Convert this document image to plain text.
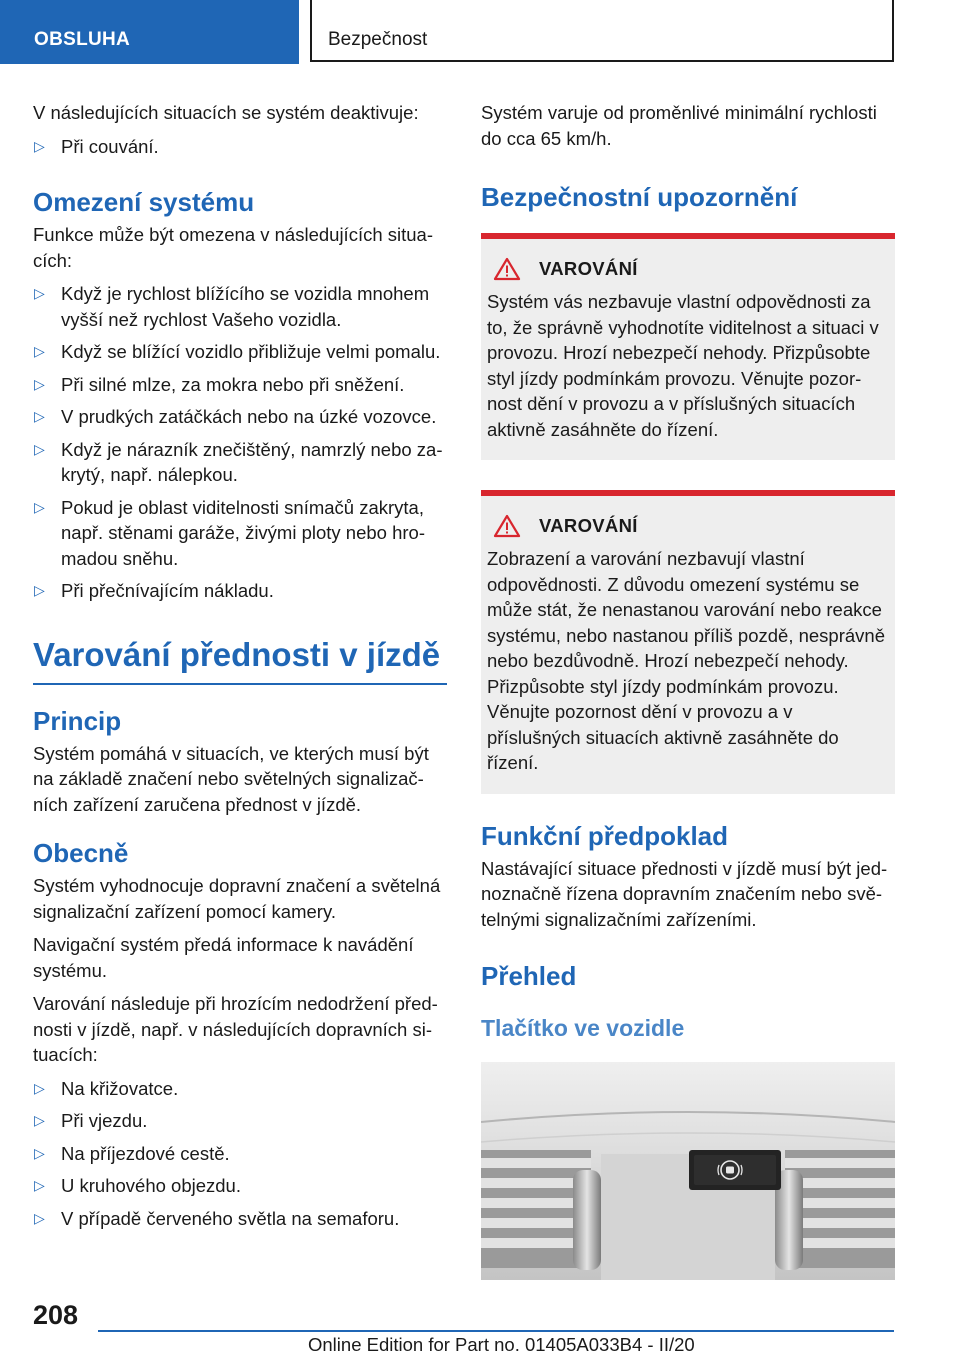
OBSLUHA	Bezpečnost

V následujících situacích se systém deaktivuje:

▷ Při couvání.
Omezení systému

Funkce může být omezena v následujících situacích:

▷ Když je rychlost blížícího se vozidla mnohem vyšší než rychlost Vašeho vozidla.
▷ Když se blížící vozidlo přibližuje velmi pomalu.
▷ Při silné mlze, za mokra nebo při sněžení.
▷ V prudkých zatáčkách nebo na úzké vozovce.
▷ Když je nárazník znečištěný, namrzlý nebo zakrytý, např. nálepkou.
▷ Pokud je oblast viditelnosti snímačů zakryta, např. stěnami garáže, živými ploty nebo hromadou sněhu.
▷ Při přečnívajícím nákladu.
Varování přednosti v jízdě
Princip

Systém pomáhá v situacích, ve kterých musí být na základě značení nebo světelných signalizačních zařízení zaručena přednost v jízdě.

Obecně

Systém vyhodnocuje dopravní značení a světelná signalizační zařízení pomocí kamery.

Navigační systém předá informace k navádění systému.

Varování následuje při hrozícím nedodržení přednosti v jízdě, např. v následujících dopravních situacích:

▷ Na křižovatce.
▷ Při vjezdu.
▷ Na příjezdové cestě.
▷ U kruhového objezdu.
▷ V případě červeného světla na semaforu.

Systém varuje od proměnlivé minimální rychlosti do cca 65 km/h.

Bezpečnostní upozornění
VAROVÁNÍ

Systém vás nezbavuje vlastní odpovědnosti za to, že správně vyhodnotíte viditelnost a situaci v provozu. Hrozí nebezpečí nehody. Přizpůsobte styl jízdy podmínkám provozu. Věnujte pozornost dění v provozu a v příslušných situacích aktivně zasáhněte do řízení.

VAROVÁNÍ

Zobrazení a varování nezbavují vlastní odpovědnosti. Z důvodu omezení systému se může stát, že nenastanou varování nebo reakce systému, nebo nastanou příliš pozdě, nesprávně nebo bezdůvodně. Hrozí nebezpečí nehody. Přizpůsobte styl jízdy podmínkám provozu. Věnujte pozornost dění v provozu a v příslušných situacích aktivně zasáhněte do řízení.

Funkční předpoklad

Nastávající situace přednosti v jízdě musí být jednoznačně řízena dopravním značením nebo světelnými signalizačními zařízeními.

Přehled
Tlačítko ve vozidle
208
Online Edition for Part no. 01405A033B4 - II/20
